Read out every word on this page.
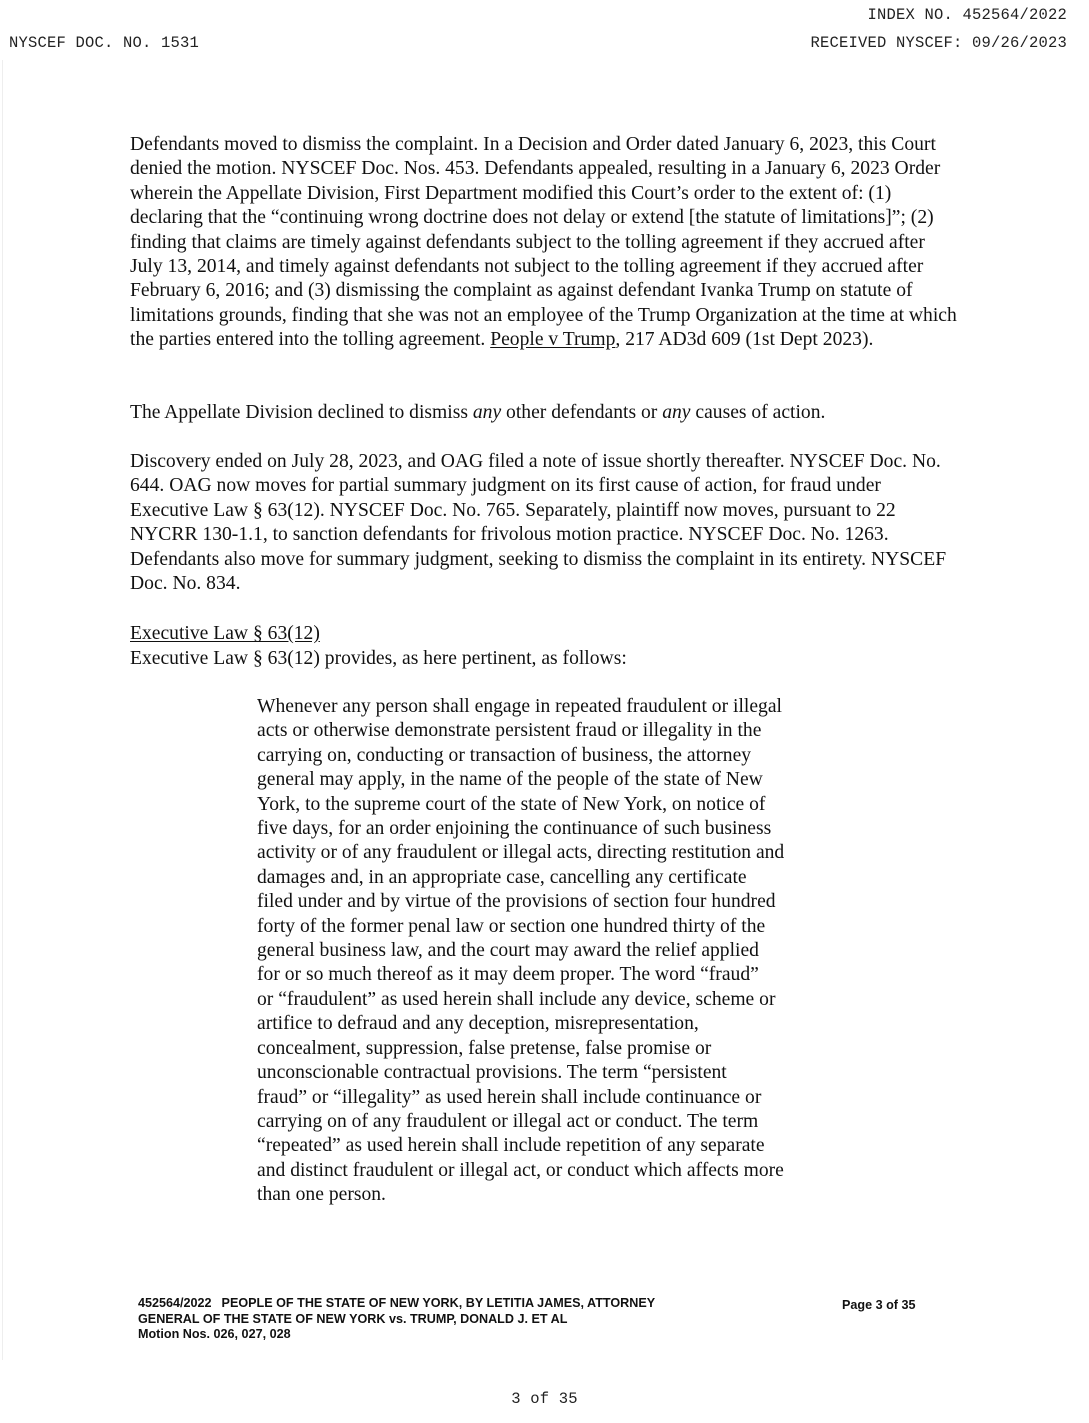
INDEX NO. 452564/2022
NYSCEF DOC. NO. 1531	RECEIVED NYSCEF: 09/26/2023

Defendants moved to dismiss the complaint. In a Decision and Order dated January 6, 2023, this Court denied the motion. NYSCEF Doc. Nos. 453. Defendants appealed, resulting in a January 6, 2023 Order wherein the Appellate Division, First Department modified this Court’s order to the extent of: (1) declaring that the “continuing wrong doctrine does not delay or extend [the statute of limitations]”; (2) finding that claims are timely against defendants subject to the tolling agreement if they accrued after July 13, 2014, and timely against defendants not subject to the tolling agreement if they accrued after February 6, 2016; and (3) dismissing the complaint as against defendant Ivanka Trump on statute of limitations grounds, finding that she was not an employee of the Trump Organization at the time at which the parties entered into the tolling agreement. People v Trump, 217 AD3d 609 (1st Dept 2023).

The Appellate Division declined to dismiss any other defendants or any causes of action.

Discovery ended on July 28, 2023, and OAG filed a note of issue shortly thereafter. NYSCEF Doc. No. 644. OAG now moves for partial summary judgment on its first cause of action, for fraud under Executive Law § 63(12). NYSCEF Doc. No. 765. Separately, plaintiff now moves, pursuant to 22 NYCRR 130-1.1, to sanction defendants for frivolous motion practice. NYSCEF Doc. No. 1263. Defendants also move for summary judgment, seeking to dismiss the complaint in its entirety. NYSCEF Doc. No. 834.

Executive Law § 63(12)

Executive Law § 63(12) provides, as here pertinent, as follows:

Whenever any person shall engage in repeated fraudulent or illegal
acts or otherwise demonstrate persistent fraud or illegality in the
carrying on, conducting or transaction of business, the attorney
general may apply, in the name of the people of the state of New
York, to the supreme court of the state of New York, on notice of
five days, for an order enjoining the continuance of such business
activity or of any fraudulent or illegal acts, directing restitution and
damages and, in an appropriate case, cancelling any certificate
filed under and by virtue of the provisions of section four hundred
forty of the former penal law or section one hundred thirty of the
general business law, and the court may award the relief applied
for or so much thereof as it may deem proper. The word “fraud”
or “fraudulent” as used herein shall include any device, scheme or
artifice to defraud and any deception, misrepresentation,
concealment, suppression, false pretense, false promise or
unconscionable contractual provisions. The term “persistent
fraud” or “illegality” as used herein shall include continuance or
carrying on of any fraudulent or illegal act or conduct. The term
“repeated” as used herein shall include repetition of any separate
and distinct fraudulent or illegal act, or conduct which affects more
than one person.
452564/2022 PEOPLE OF THE STATE OF NEW YORK, BY LETITIA JAMES, ATTORNEY
GENERAL OF THE STATE OF NEW YORK vs. TRUMP, DONALD J. ET AL
Motion Nos. 026, 027, 028
Page 3 of 35
3 of 35
